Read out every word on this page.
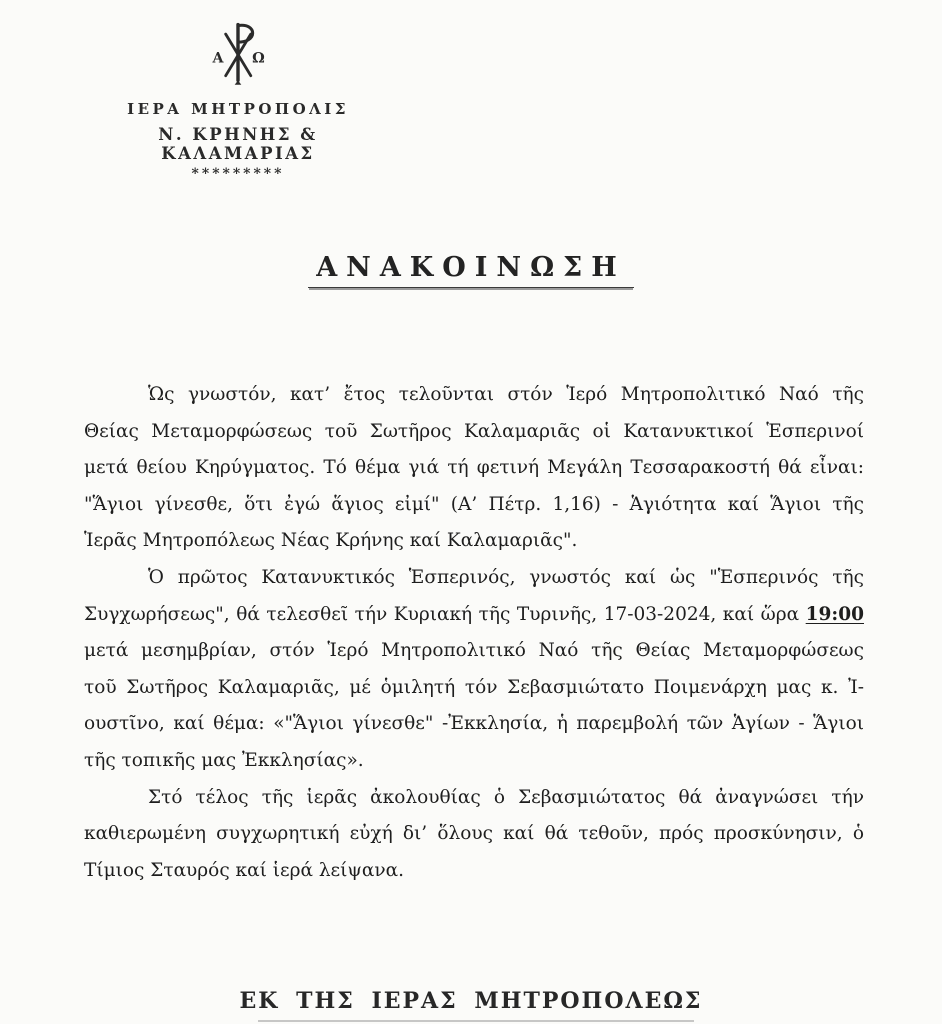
Α Ω
ΙΕΡΑ ΜΗΤΡΟΠΟΛΙΣ
Ν. ΚΡΗΝΗΣ & ΚΑΛΑΜΑΡΙΑΣ
*********
ΑΝΑΚΟΙΝΩΣΗ
Ὡς γνωστόν, κατ’ ἔτος τελοῦνται στόν Ἱερό Μητροπολιτικό Ναό τῆς
Θείας Μεταμορφώσεως τοῦ Σωτῆρος Καλαμαριᾶς οἱ Κατανυκτικοί Ἑσπερινοί
μετά θείου Κηρύγματος. Τό θέμα γιά τή φετινή Μεγάλη Τεσσαρακοστή θά εἶναι:
"Ἅγιοι γίνεσθε, ὅτι ἐγώ ἅγιος εἰμί" (Α’ Πέτρ. 1,16) - Ἁγιότητα καί Ἅγιοι τῆς
Ἱερᾶς Μητροπόλεως Νέας Κρήνης καί Καλαμαριᾶς".
Ὁ πρῶτος Κατανυκτικός Ἑσπερινός, γνωστός καί ὡς "Ἑσπερινός τῆς
Συγχωρήσεως", θά τελεσθεῖ τήν Κυριακή τῆς Τυρινῆς, 17-03-2024, καί ὥρα 19:00
μετά μεσημβρίαν, στόν Ἱερό Μητροπολιτικό Ναό τῆς Θείας Μεταμορφώσεως
τοῦ Σωτῆρος Καλαμαριᾶς, μέ ὁμιλητή τόν Σεβασμιώτατο Ποιμενάρχη μας κ. Ἰ-
ουστῖνο, καί θέμα: «"Ἅγιοι γίνεσθε" -Ἐκκλησία, ἡ παρεμβολή τῶν Ἁγίων - Ἅγιοι
τῆς τοπικῆς μας Ἐκκλησίας».
Στό τέλος τῆς ἱερᾶς ἀκολουθίας ὁ Σεβασμιώτατος θά ἀναγνώσει τήν
καθιερωμένη συγχωρητική εὐχή δι’ ὅλους καί θά τεθοῦν, πρός προσκύνησιν, ὁ
Τίμιος Σταυρός καί ἱερά λείψανα.
ΕΚ ΤΗΣ ΙΕΡΑΣ ΜΗΤΡΟΠΟΛΕΩΣ
